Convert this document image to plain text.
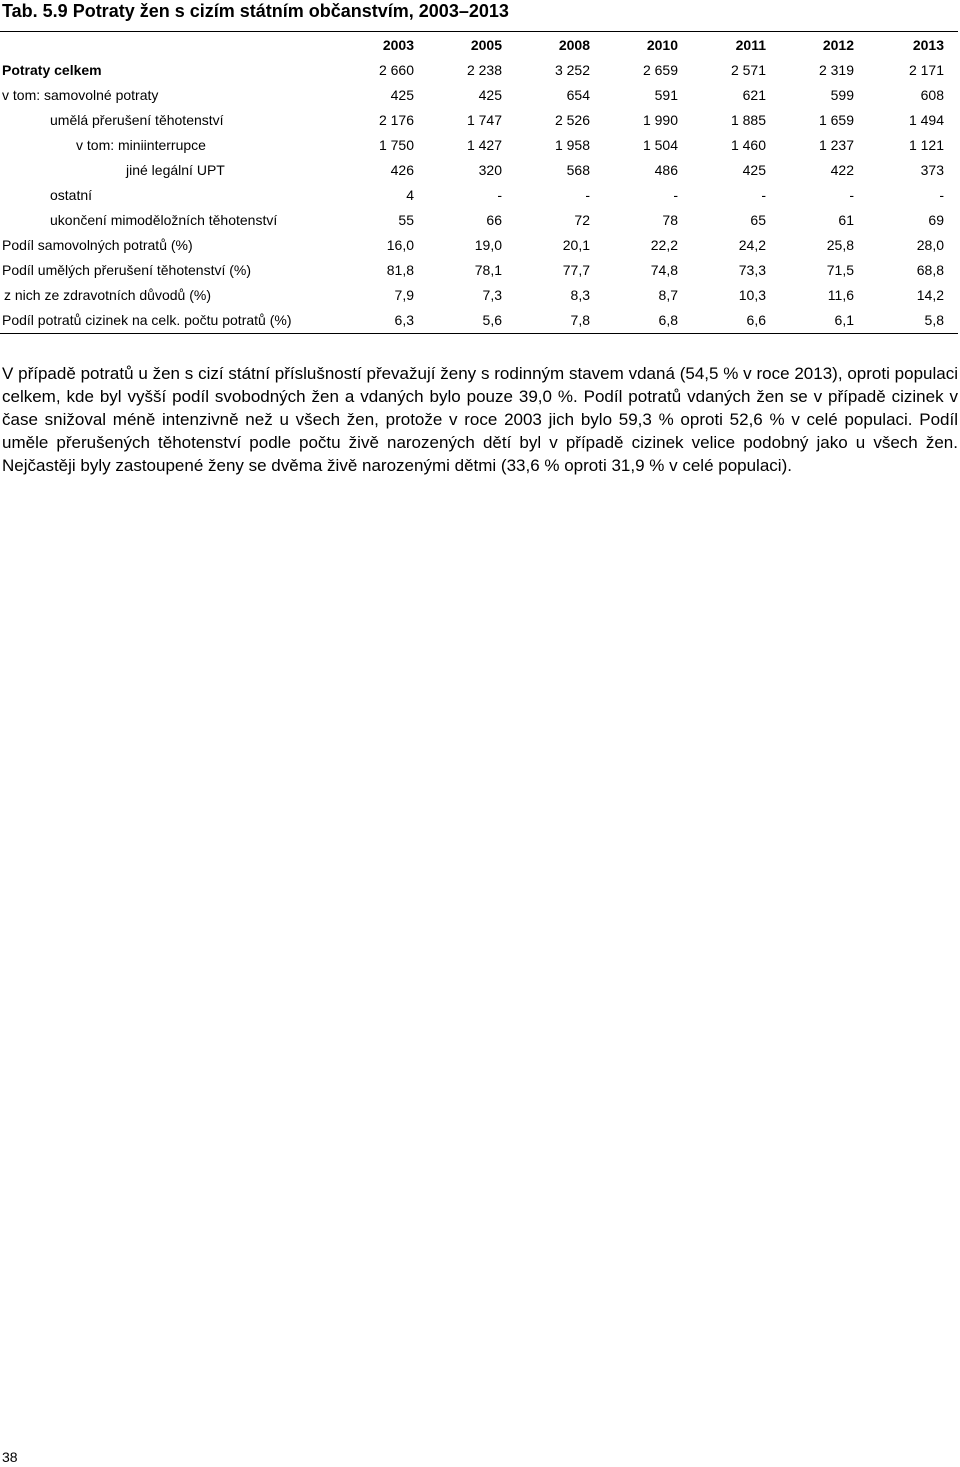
Tab. 5.9 Potraty žen s cizím státním občanstvím, 2003–2013
	2003	2005	2008	2010	2011	2012	2013
Potraty celkem	2 660	2 238	3 252	2 659	2 571	2 319	2 171
v tom: samovolné potraty	425	425	654	591	621	599	608
umělá přerušení těhotenství	2 176	1 747	2 526	1 990	1 885	1 659	1 494
v tom: miniinterrupce	1 750	1 427	1 958	1 504	1 460	1 237	1 121
jiné legální UPT	426	320	568	486	425	422	373
ostatní	4	-	-	-	-	-	-
ukončení mimoděložních těhotenství	55	66	72	78	65	61	69
Podíl samovolných potratů (%)	16,0	19,0	20,1	22,2	24,2	25,8	28,0
Podíl umělých přerušení těhotenství (%)	81,8	78,1	77,7	74,8	73,3	71,5	68,8
z nich ze zdravotních důvodů (%)	7,9	7,3	8,3	8,7	10,3	11,6	14,2
Podíl potratů cizinek na celk. počtu potratů (%)	6,3	5,6	7,8	6,8	6,6	6,1	5,8
V případě potratů u žen s cizí státní příslušností převažují ženy s rodinným stavem vdaná (54,5 % v roce 2013), oproti populaci celkem, kde byl vyšší podíl svobodných žen a vdaných bylo pouze 39,0 %. Podíl potratů vdaných žen se v případě cizinek v čase snižoval méně intenzivně než u všech žen, protože v roce 2003 jich bylo 59,3 % oproti 52,6 % v celé populaci. Podíl uměle přerušených těhotenství podle počtu živě narozených dětí byl v případě cizinek velice podobný jako u všech žen. Nejčastěji byly zastoupené ženy se dvěma živě narozenými dětmi (33,6 % oproti 31,9 % v celé populaci).
38
